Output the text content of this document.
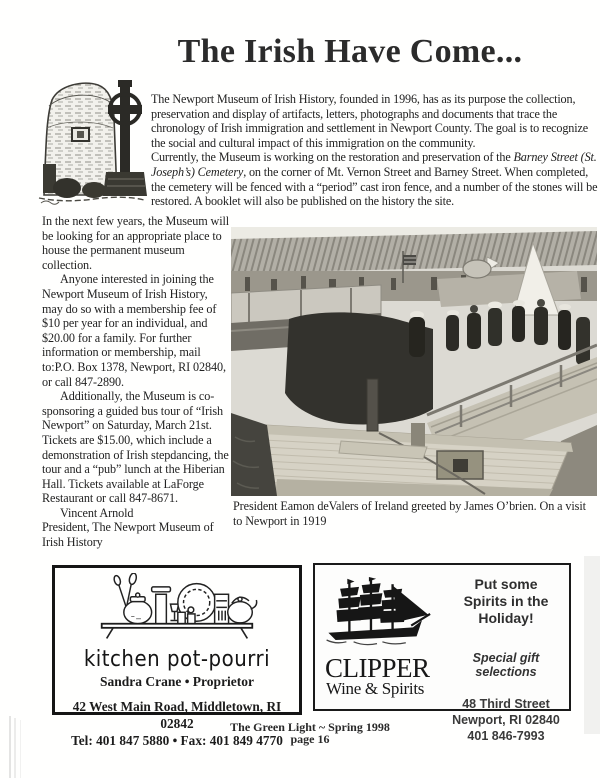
The Irish Have Come...

The Newport Museum of Irish History, founded in 1996, has as its purpose the collection, preservation and display of artifacts, letters, photographs and documents that trace the chronology of Irish immigration and settlement in Newport County. The goal is to recognize the social and cultural impact of this immigration on the community.

Currently, the Museum is working on the restoration and preservation of the Barney Street (St. Joseph’s) Cemetery, on the corner of Mt. Vernon Street and Barney Street. When completed, the cemetery will be fenced with a “period” cast iron fence, and a number of the stones will be restored. A booklet will also be published on the history the site.

In the next few years, the Museum will be looking for an appropriate place to house the permanent museum collection.

Anyone interested in joining the Newport Museum of Irish History, may do so with a membership fee of $10 per year for an individual, and $20.00 for a family. For further information or membership, mail to:P.O. Box 1378, Newport, RI 02840, or call 847-2890.

Additionally, the Museum is co-sponsoring a guided bus tour of “Irish Newport” on Saturday, March 21st. Tickets are $15.00, which include a demonstration of Irish stepdancing, the tour and a “pub” lunch at the Hiberian Hall. Tickets available at LaForge Restaurant or call 847-8671.

Vincent Arnold

President, The Newport Museum of Irish History

President Eamon deValers of Ireland greeted by James O’brien. On a visit to Newport in 1919

kitchen pot-pourri
Sandra Crane • Proprietor
42 West Main Road, Middletown, RI 02842
Tel: 401 847 5880 • Fax: 401 849 4770
CLIPPER
Wine & Spirits
Put some
Spirits in the Holiday!
Special gift selections
48 Third Street
Newport, RI 02840
401 846-7993
The Green Light ~ Spring 1998
page 16
